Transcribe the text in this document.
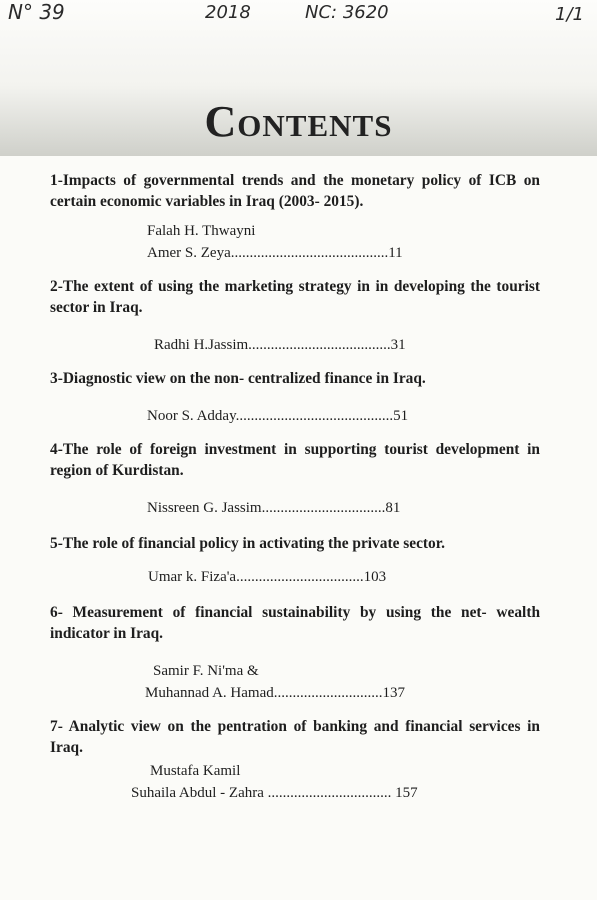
N° 39	2018	NC: 3620	1/1
Contents

1-Impacts of governmental trends and the monetary policy of ICB on certain economic variables in Iraq (2003- 2015).

Falah H. Thwayni
Amer S. Zeya..........................................11

2-The extent of using the marketing strategy in in developing the tourist sector in Iraq.

Radhi H.Jassim......................................31

3-Diagnostic view on the non- centralized finance in Iraq.

Noor S. Adday..........................................51

4-The role of foreign investment in supporting tourist development in region of Kurdistan.

Nissreen G. Jassim.................................81

5-The role of financial policy in activating the private sector.

Umar k. Fiza'a..................................103

6- Measurement of financial sustainability by using the net- wealth indicator in Iraq.

Samir F. Ni'ma &
Muhannad A. Hamad.............................137

7- Analytic view on the pentration of banking and financial services in Iraq.

Mustafa Kamil
Suhaila Abdul - Zahra ................................. 157
